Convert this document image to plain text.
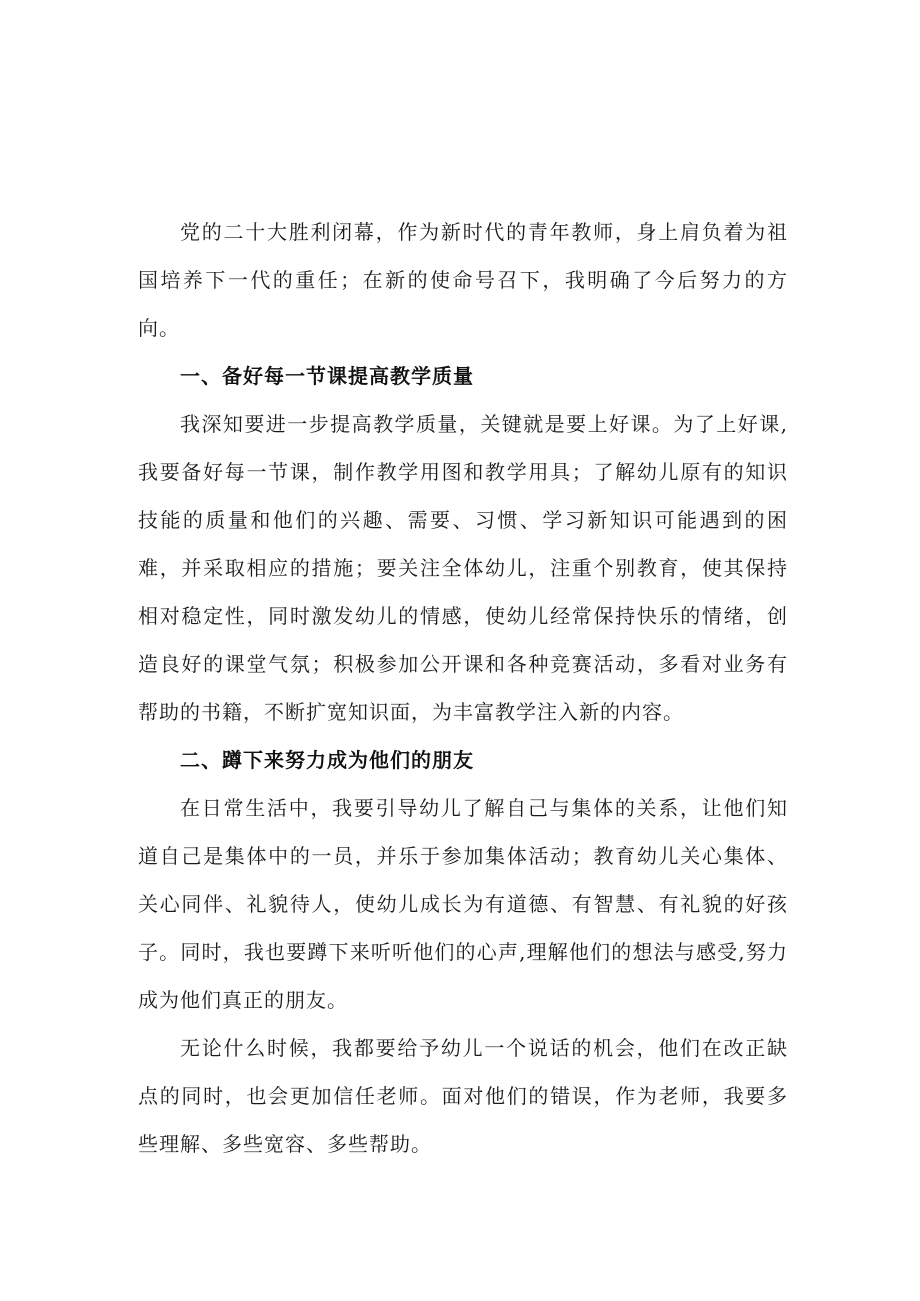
党的二十大胜利闭幕，作为新时代的青年教师，身上肩负着为祖国培养下一代的重任；在新的使命号召下，我明确了今后努力的方向。

一、备好每一节课提高教学质量

我深知要进一步提高教学质量，关键就是要上好课。为了上好课,我要备好每一节课，制作教学用图和教学用具；了解幼儿原有的知识技能的质量和他们的兴趣、需要、习惯、学习新知识可能遇到的困难，并采取相应的措施；要关注全体幼儿，注重个别教育，使其保持相对稳定性，同时激发幼儿的情感，使幼儿经常保持快乐的情绪，创造良好的课堂气氛；积极参加公开课和各种竞赛活动，多看对业务有帮助的书籍，不断扩宽知识面，为丰富教学注入新的内容。

二、蹲下来努力成为他们的朋友

在日常生活中，我要引导幼儿了解自己与集体的关系，让他们知道自己是集体中的一员，并乐于参加集体活动；教育幼儿关心集体、关心同伴、礼貌待人，使幼儿成长为有道德、有智慧、有礼貌的好孩子。同时，我也要蹲下来听听他们的心声,理解他们的想法与感受,努力成为他们真正的朋友。

无论什么时候，我都要给予幼儿一个说话的机会，他们在改正缺点的同时，也会更加信任老师。面对他们的错误，作为老师，我要多些理解、多些宽容、多些帮助。
